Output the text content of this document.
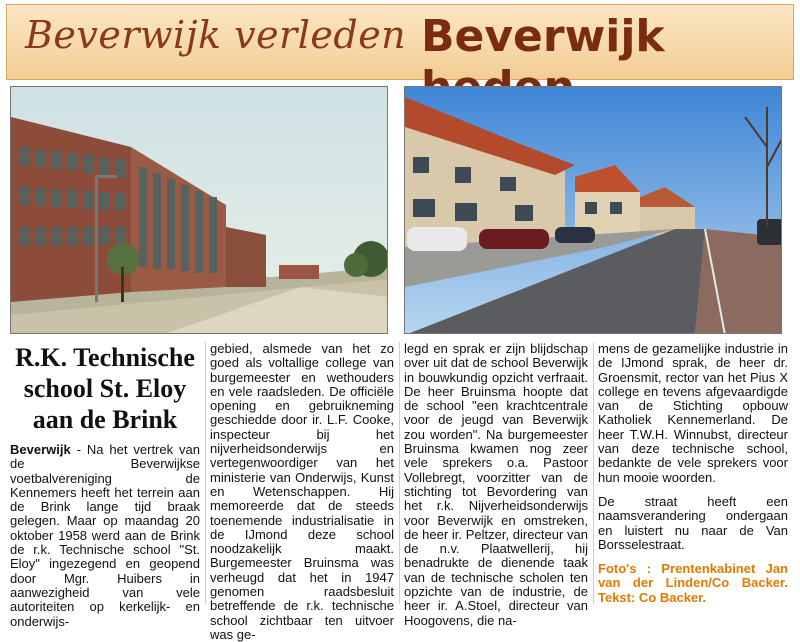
Beverwijk verleden Beverwijk
R.K. Technische
school St. Eloy
aan de Brink

Beverwijk - Na het vertrek van de Beverwijkse voetbalvereniging de Kennemers heeft het terrein aan de Brink lange tijd braak gelegen. Maar op maandag 20 oktober 1958 werd aan de Brink de r.k. Technische school "St. Eloy" ingezegend en geopend door Mgr. Huibers in aanwezigheid van vele autoriteiten op kerkelijk- en onderwijs-

gebied, alsmede van het zo goed als voltallige college van burgemeester en wethouders en vele raadsleden. De officiële opening en gebruikneming geschiedde door ir. L.F. Cooke, inspecteur bij het nijverheidsonderwijs en vertegenwoordiger van het ministerie van Onderwijs, Kunst en Wetenschappen. Hij memoreerde dat de steeds toenemende industrialisatie in de IJmond deze school noodzakelijk maakt. Burgemeester Bruinsma was verheugd dat het in 1947 genomen raadsbesluit betreffende de r.k. technische school zichtbaar ten uitvoer was ge-

legd en sprak er zijn blijdschap over uit dat de school Beverwijk in bouwkundig opzicht verfraait. De heer Bruinsma hoopte dat de school "een krachtcentrale voor de jeugd van Beverwijk zou worden". Na burgemeester Bruinsma kwamen nog zeer vele sprekers o.a. Pastoor Vollebregt, voorzitter van de stichting tot Bevordering van het r.k. Nijverheidsonderwijs voor Beverwijk en omstreken, de heer ir. Peltzer, directeur van de n.v. Plaatwellerij, hij benadrukte de dienende taak van de technische scholen ten opzichte van de industrie, de heer ir. A.Stoel, directeur van Hoogovens, die na-

mens de gezamelijke industrie in de IJmond sprak, de heer dr. Groensmit, rector van het Pius X college en tevens afgevaardigde van de Stichting opbouw Katholiek Kennemerland. De heer T.W.H. Winnubst, directeur van deze technische school, bedankte de vele sprekers voor hun mooie woorden.

De straat heeft een naamsverandering ondergaan en luistert nu naar de Van Borsselestraat.

Foto's : Prentenkabinet Jan van der Linden/Co Backer. Tekst: Co Backer.
